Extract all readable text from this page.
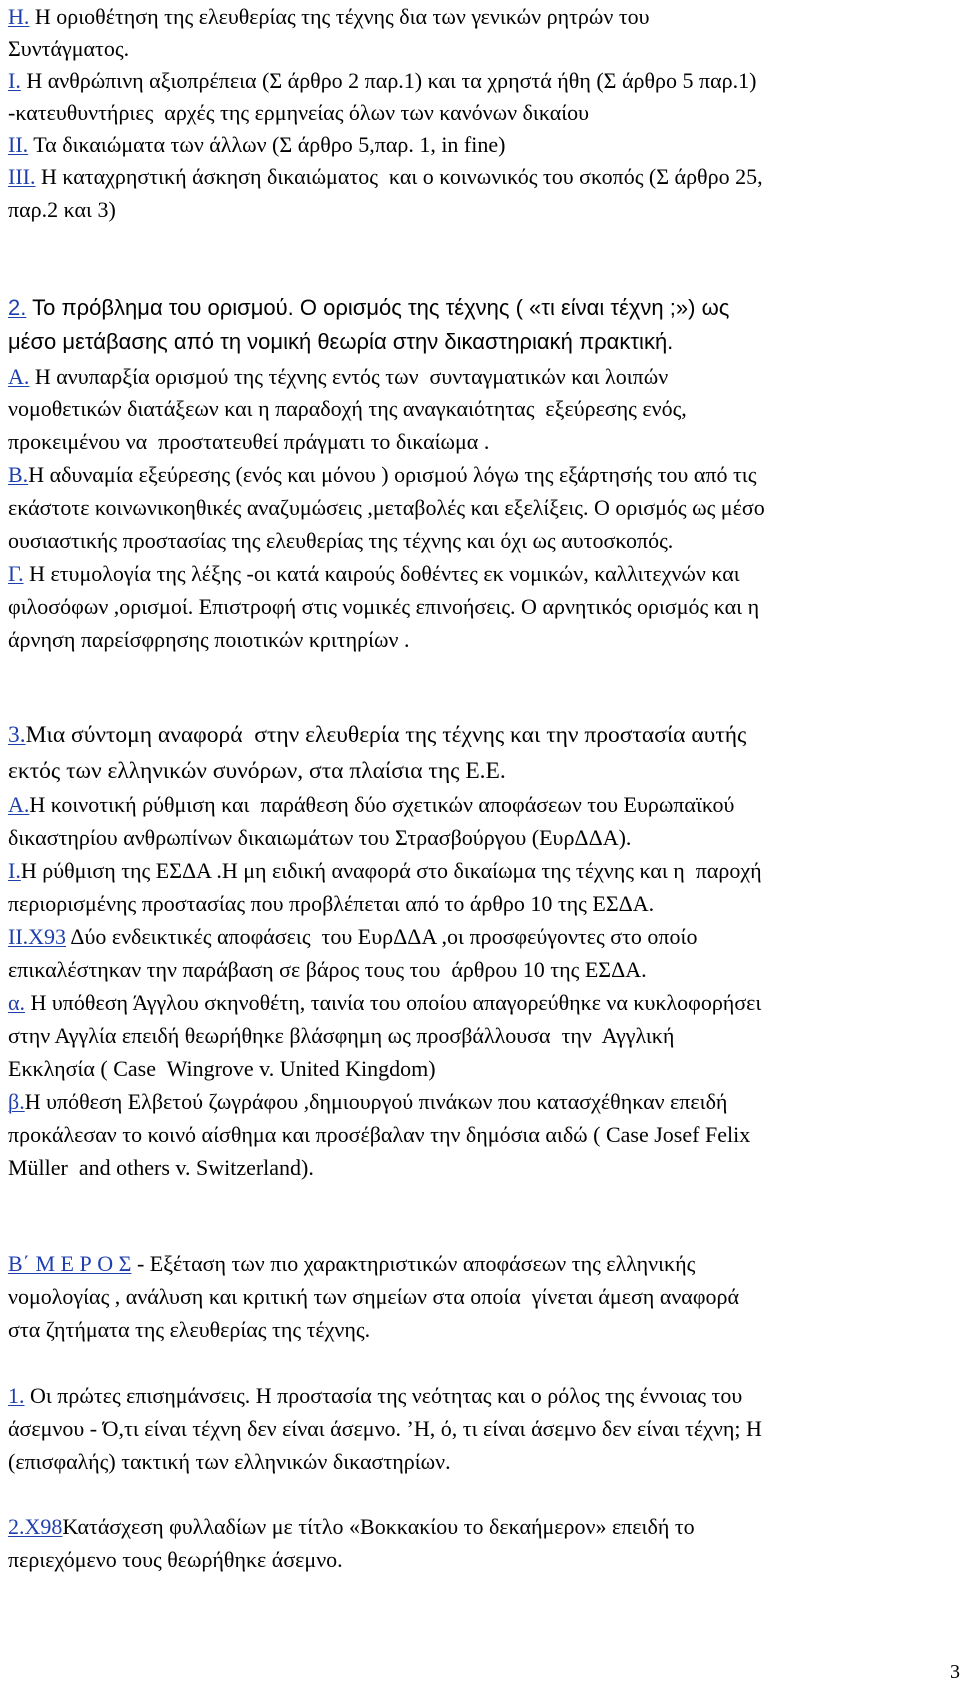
Η. Η οριοθέτηση της ελευθερίας της τέχνης δια των γενικών ρητρών του
Συντάγματος.
Ι. Η ανθρώπινη αξιοπρέπεια (Σ άρθρο 2 παρ.1) και τα χρηστά ήθη (Σ άρθρο 5 παρ.1)
-κατευθυντήριες  αρχές της ερμηνείας όλων των κανόνων δικαίου
ΙΙ. Τα δικαιώματα των άλλων (Σ άρθρο 5,παρ. 1, in fine)
ΙΙΙ. Η καταχρηστική άσκηση δικαιώματος  και ο κοινωνικός του σκοπός (Σ άρθρο 25,
παρ.2 και 3)
2. Το πρόβλημα του ορισμού. Ο ορισμός της τέχνης ( «τι είναι τέχνη ;») ως
μέσο μετάβασης από τη νομική θεωρία στην δικαστηριακή πρακτική.
Α. Η ανυπαρξία ορισμού της τέχνης εντός των  συνταγματικών και λοιπών
νομοθετικών διατάξεων και η παραδοχή της αναγκαιότητας  εξεύρεσης ενός,
προκειμένου να  προστατευθεί πράγματι το δικαίωμα .
Β.Η αδυναμία εξεύρεσης (ενός και μόνου ) ορισμού λόγω της εξάρτησής του από τις
εκάστοτε κοινωνικοηθικές αναζυμώσεις ,μεταβολές και εξελίξεις. Ο ορισμός ως μέσο
ουσιαστικής προστασίας της ελευθερίας της τέχνης και όχι ως αυτοσκοπός.
Γ. Η ετυμολογία της λέξης -οι κατά καιρούς δοθέντες εκ νομικών, καλλιτεχνών και
φιλοσόφων ,ορισμοί. Επιστροφή στις νομικές επινοήσεις. Ο αρνητικός ορισμός και η
άρνηση παρείσφρησης ποιοτικών κριτηρίων .
3.Μια σύντομη αναφορά  στην ελευθερία της τέχνης και την προστασία αυτής
εκτός των ελληνικών συνόρων, στα πλαίσια της Ε.Ε.
Α.Η κοινοτική ρύθμιση και  παράθεση δύο σχετικών αποφάσεων του Ευρωπαϊκού
δικαστηρίου ανθρωπίνων δικαιωμάτων του Στρασβούργου (ΕυρΔΔΑ).
Ι.Η ρύθμιση της ΕΣΔΑ .Η μη ειδική αναφορά στο δικαίωμα της τέχνης και η  παροχή
περιορισμένης προστασίας που προβλέπεται από το άρθρο 10 της ΕΣΔΑ.
ΙΙ.Χ93 Δύο ενδεικτικές αποφάσεις  του ΕυρΔΔΑ ,οι προσφεύγοντες στο οποίο
επικαλέστηκαν την παράβαση σε βάρος τους του  άρθρου 10 της ΕΣΔΑ.
α. Η υπόθεση Άγγλου σκηνοθέτη, ταινία του οποίου απαγορεύθηκε να κυκλοφορήσει
στην Αγγλία επειδή θεωρήθηκε βλάσφημη ως προσβάλλουσα  την  Αγγλική
Εκκλησία ( Case  Wingrove v. United Kingdom)
β.Η υπόθεση Ελβετού ζωγράφου ,δημιουργού πινάκων που κατασχέθηκαν επειδή
προκάλεσαν το κοινό αίσθημα και προσέβαλαν την δημόσια αιδώ ( Case Josef Felix
Müller  and others v. Switzerland).
Β΄ Μ Ε Ρ Ο Σ - Εξέταση των πιο χαρακτηριστικών αποφάσεων της ελληνικής
νομολογίας , ανάλυση και κριτική των σημείων στα οποία  γίνεται άμεση αναφορά
στα ζητήματα της ελευθερίας της τέχνης.
1. Οι πρώτες επισημάνσεις. Η προστασία της νεότητας και ο ρόλος της έννοιας του
άσεμνου - Ό,τι είναι τέχνη δεν είναι άσεμνο. ’Η, ό, τι είναι άσεμνο δεν είναι τέχνη; Η
(επισφαλής) τακτική των ελληνικών δικαστηρίων.
2.Χ98Κατάσχεση φυλλαδίων με τίτλο «Βοκκακίου το δεκαήμερον» επειδή το
περιεχόμενο τους θεωρήθηκε άσεμνο.
3
